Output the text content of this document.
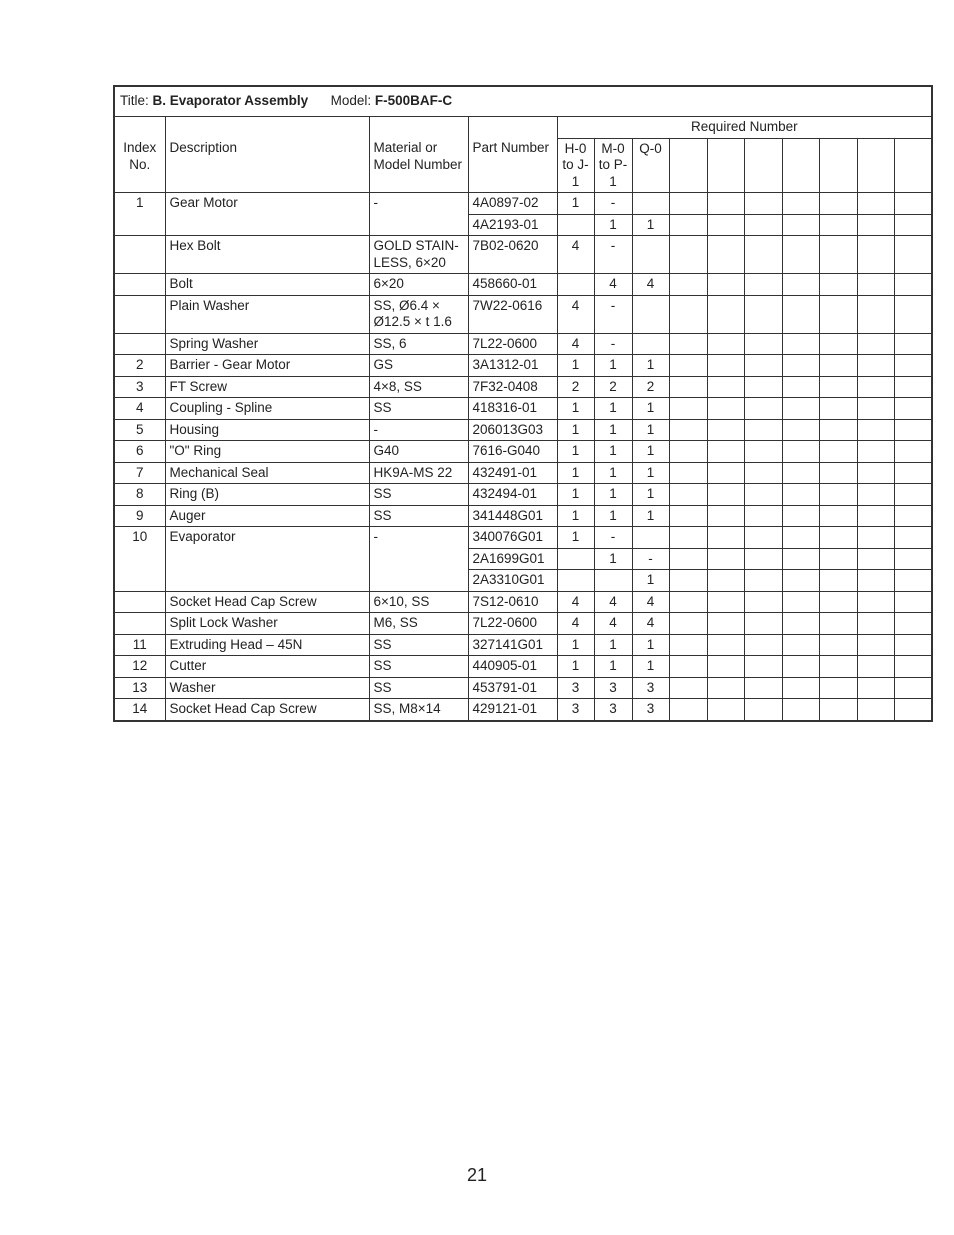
Title: B. Evaporator Assembly Model: F-500BAF-C													
				Required Number									
Index No.	Description	Material or Model Number	Part Number	H-0 to J-1	M-0 to P-1	Q-0							
1	Gear Motor	-	4A0897-02	1	-								
			4A2193-01		1	1							
	Hex Bolt	GOLD STAIN-LESS, 6×20	7B02-0620	4	-								
	Bolt	6×20	458660-01		4	4							
	Plain Washer	SS, Ø6.4 × Ø12.5 × t 1.6	7W22-0616	4	-								
	Spring Washer	SS, 6	7L22-0600	4	-								
2	Barrier - Gear Motor	GS	3A1312-01	1	1	1							
3	FT Screw	4×8, SS	7F32-0408	2	2	2							
4	Coupling - Spline	SS	418316-01	1	1	1							
5	Housing	-	206013G03	1	1	1							
6	"O" Ring	G40	7616-G040	1	1	1							
7	Mechanical Seal	HK9A-MS 22	432491-01	1	1	1							
8	Ring (B)	SS	432494-01	1	1	1							
9	Auger	SS	341448G01	1	1	1							
10	Evaporator	-	340076G01	1	-								
			2A1699G01		1	-							
			2A3310G01			1							
	Socket Head Cap Screw	6×10, SS	7S12-0610	4	4	4							
	Split Lock Washer	M6, SS	7L22-0600	4	4	4							
11	Extruding Head – 45N	SS	327141G01	1	1	1							
12	Cutter	SS	440905-01	1	1	1							
13	Washer	SS	453791-01	3	3	3							
14	Socket Head Cap Screw	SS, M8×14	429121-01	3	3	3							
21
